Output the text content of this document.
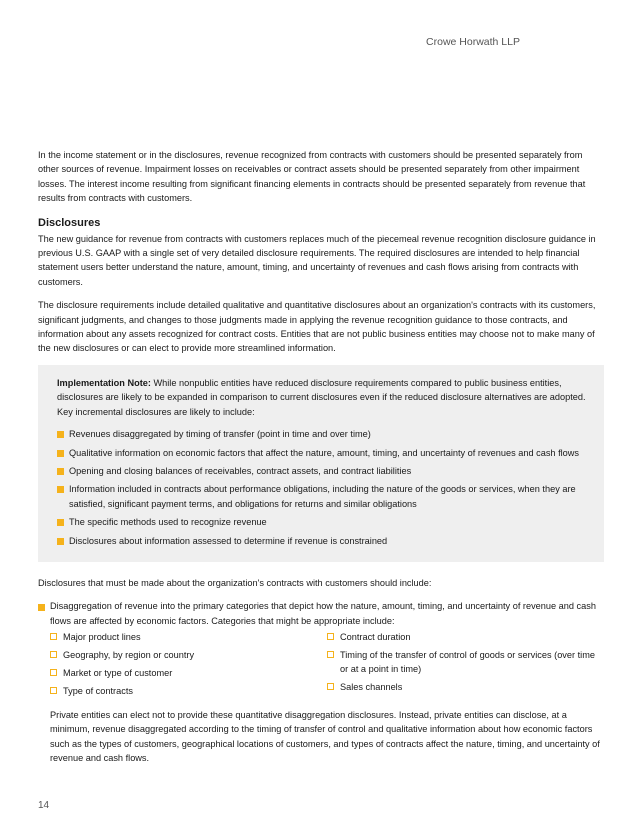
Crowe Horwath LLP

In the income statement or in the disclosures, revenue recognized from contracts with customers should be presented separately from other sources of revenue. Impairment losses on receivables or contract assets should be presented separately from other impairment losses. The interest income resulting from significant financing elements in contracts should be presented separately from revenue that results from contracts with customers.

Disclosures

The new guidance for revenue from contracts with customers replaces much of the piecemeal revenue recognition disclosure guidance in previous U.S. GAAP with a single set of very detailed disclosure requirements. The required disclosures are intended to help financial statement users better understand the nature, amount, timing, and uncertainty of revenues and cash flows arising from contracts with customers.

The disclosure requirements include detailed qualitative and quantitative disclosures about an organization's contracts with its customers, significant judgments, and changes to those judgments made in applying the revenue recognition guidance to those contracts, and information about any assets recognized for contract costs. Entities that are not public business entities may choose not to make many of the new disclosures or can elect to provide more streamlined information.

Implementation Note: While nonpublic entities have reduced disclosure requirements compared to public business entities, disclosures are likely to be expanded in comparison to current disclosures even if the reduced disclosure alternatives are adopted. Key incremental disclosures are likely to include:

Revenues disaggregated by timing of transfer (point in time and over time)
Qualitative information on economic factors that affect the nature, amount, timing, and uncertainty of revenues and cash flows
Opening and closing balances of receivables, contract assets, and contract liabilities
Information included in contracts about performance obligations, including the nature of the goods or services, when they are satisfied, significant payment terms, and obligations for returns and similar obligations
The specific methods used to recognize revenue
Disclosures about information assessed to determine if revenue is constrained

Disclosures that must be made about the organization's contracts with customers should include:

Disaggregation of revenue into the primary categories that depict how the nature, amount, timing, and uncertainty of revenue and cash flows are affected by economic factors. Categories that might be appropriate include:
Major product lines
Geography, by region or country
Market or type of customer
Type of contracts
Contract duration
Timing of the transfer of control of goods or services (over time or at a point in time)
Sales channels

Private entities can elect not to provide these quantitative disaggregation disclosures. Instead, private entities can disclose, at a minimum, revenue disaggregated according to the timing of transfer of control and qualitative information about how economic factors such as the types of customers, geographical locations of customers, and types of contracts affect the nature, timing, and uncertainty of revenue and cash flows.

14
